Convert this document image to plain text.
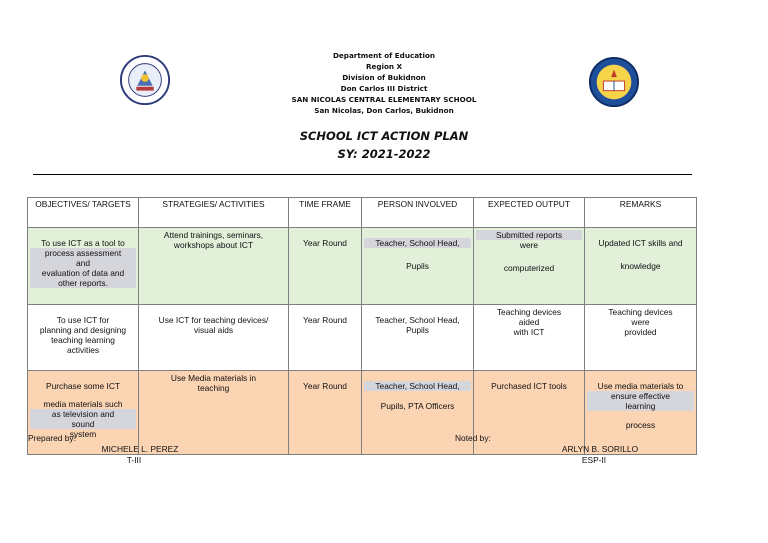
Department of Education
Region X
Division of Bukidnon
Don Carlos III District
SAN NICOLAS CENTRAL ELEMENTARY SCHOOL
San Nicolas, Don Carlos, Bukidnon
SCHOOL ICT ACTION PLAN
SY: 2021-2022
OBJECTIVES/ TARGETS	STRATEGIES/ ACTIVITIES	TIME FRAME	PERSON INVOLVED	EXPECTED OUTPUT	REMARKS

To use ICT as a tool to
process assessment
and
evaluation of data and
other reports.	Attend trainings, seminars,
workshops about ICT	Year Round	Teacher, School Head,
Pupils	Submitted reports
were
computerized	Updated ICT skills and
knowledge

To use ICT for
planning and designing
teaching learning
activities	Use ICT for teaching devices/
visual aids	Year Round	Teacher, School Head,
Pupils	Teaching devices
aided
with ICT	Teaching devices
were
provided

Purchase some ICT
media materials such
as television and
sound
system	Use Media materials in
teaching	Year Round	Teacher, School Head,
Pupils, PTA Officers	Purchased ICT tools	Use media materials to
ensure effective
learning
process
Prepared by:
MICHELE L. PEREZ
T-III
Noted by:
ARLYN B. SORILLO
ESP-II
